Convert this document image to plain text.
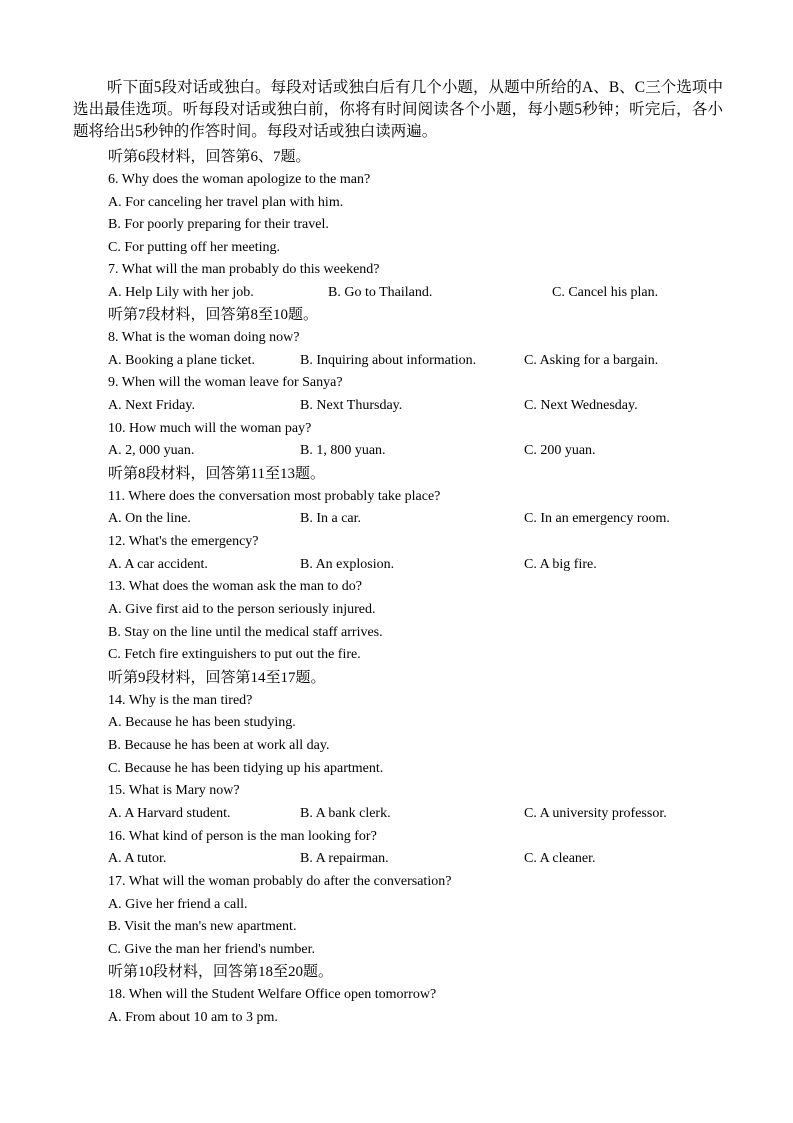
听下面5段对话或独白。每段对话或独白后有几个小题，从题中所给的A、B、C三个选项中选出最佳选项。听每段对话或独白前，你将有时间阅读各个小题，每小题5秒钟；听完后，各小题将给出5秒钟的作答时间。每段对话或独白读两遍。

听第6段材料，回答第6、7题。
6. Why does the woman apologize to the man?
A. For canceling her travel plan with him.
B. For poorly preparing for their travel.
C. For putting off her meeting.
7. What will the man probably do this weekend?
A. Help Lily with her job.	B. Go to Thailand.	C. Cancel his plan.
听第7段材料，回答第8至10题。
8. What is the woman doing now?
A. Booking a plane ticket.	B. Inquiring about information.	C. Asking for a bargain.
9. When will the woman leave for Sanya?
A. Next Friday.	B. Next Thursday.	C. Next Wednesday.
10. How much will the woman pay?
A. 2, 000 yuan.	B. 1, 800 yuan.	C. 200 yuan.
听第8段材料，回答第11至13题。
11. Where does the conversation most probably take place?
A. On the line.	B. In a car.	C. In an emergency room.
12. What's the emergency?
A. A car accident.	B. An explosion.	C. A big fire.
13. What does the woman ask the man to do?
A. Give first aid to the person seriously injured.
B. Stay on the line until the medical staff arrives.
C. Fetch fire extinguishers to put out the fire.
听第9段材料，回答第14至17题。
14. Why is the man tired?
A. Because he has been studying.
B. Because he has been at work all day.
C. Because he has been tidying up his apartment.
15. What is Mary now?
A. A Harvard student.	B. A bank clerk.	C. A university professor.
16. What kind of person is the man looking for?
A. A tutor.	B. A repairman.	C. A cleaner.
17. What will the woman probably do after the conversation?
A. Give her friend a call.
B. Visit the man's new apartment.
C. Give the man her friend's number.
听第10段材料，回答第18至20题。
18. When will the Student Welfare Office open tomorrow?
A. From about 10 am to 3 pm.
